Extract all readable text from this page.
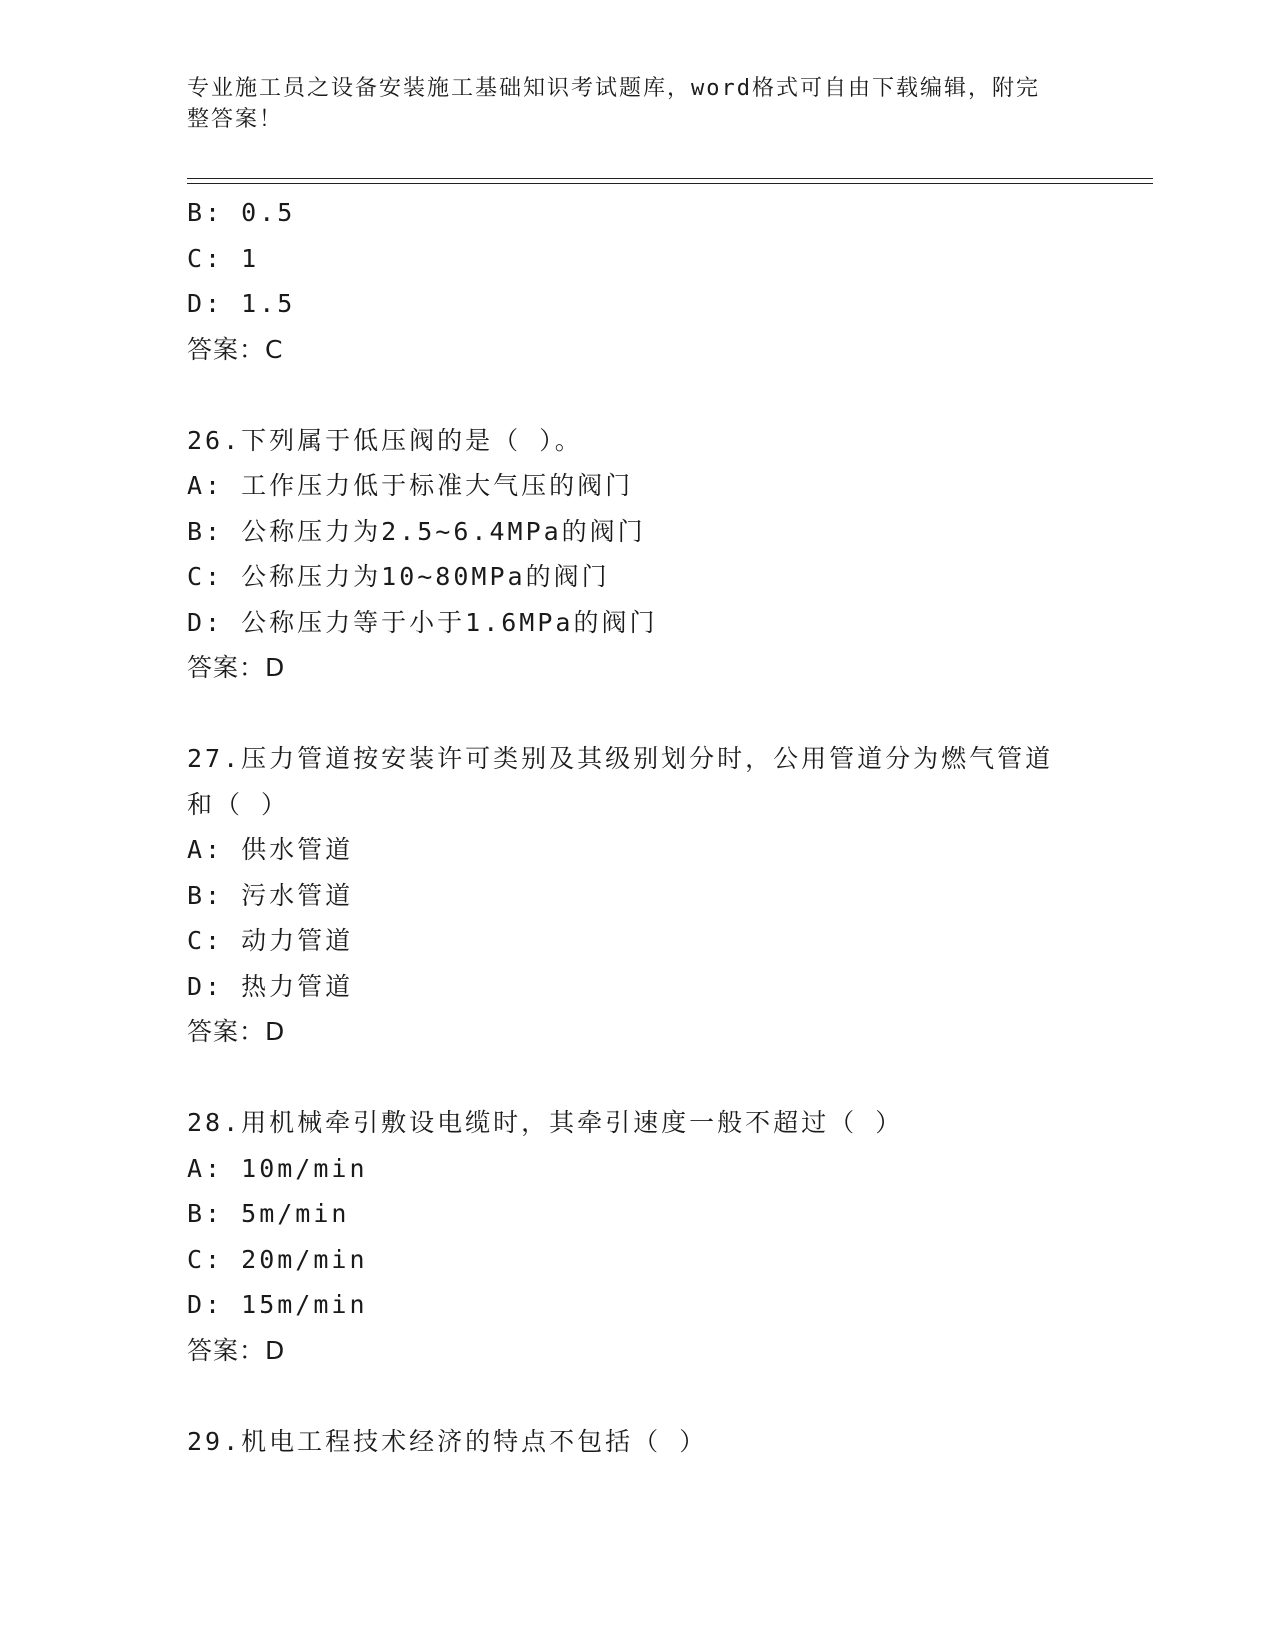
专业施工员之设备安装施工基础知识考试题库，word格式可自由下载编辑，附完
整答案！
B: 0.5
C: 1
D: 1.5
答案：C
26.下列属于低压阀的是（ ）。
A: 工作压力低于标准大气压的阀门
B: 公称压力为2.5~6.4MPa的阀门
C: 公称压力为10~80MPa的阀门
D: 公称压力等于小于1.6MPa的阀门
答案：D
27.压力管道按安装许可类别及其级别划分时，公用管道分为燃气管道
和（ ）
A: 供水管道
B: 污水管道
C: 动力管道
D: 热力管道
答案：D
28.用机械牵引敷设电缆时，其牵引速度一般不超过（ ）
A: 10m/min
B: 5m/min
C: 20m/min
D: 15m/min
答案：D
29.机电工程技术经济的特点不包括（ ）
